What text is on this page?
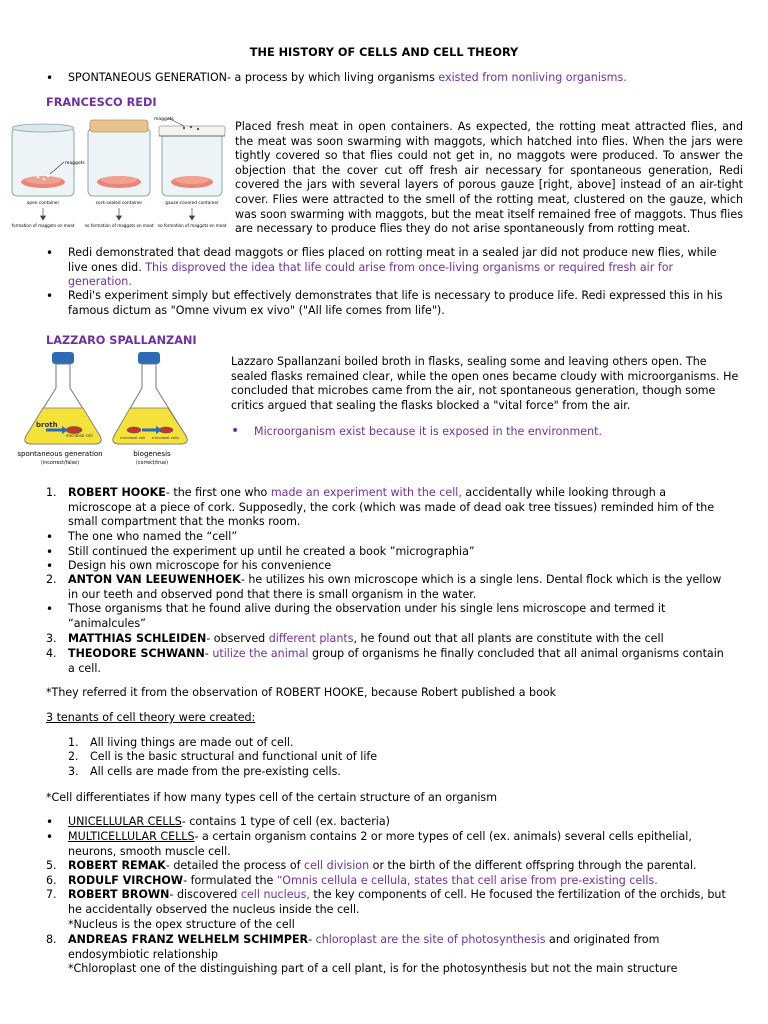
THE HISTORY OF CELLS AND CELL THEORY
• SPONTANEOUS GENERATION- a process by which living organisms existed from nonliving organisms.
FRANCESCO REDI
maggots
maggots
open container	cork-sealed container	gauze-covered container
formation of maggots on meat no formation of maggots on meat no formation of maggots on meat
Placed fresh meat in open containers. As expected, the rotting meat attracted flies, and the meat was soon swarming with maggots, which hatched into flies. When the jars were tightly covered so that flies could not get in, no maggots were produced. To answer the objection that the cover cut off fresh air necessary for spontaneous generation, Redi covered the jars with several layers of porous gauze [right, above] instead of an air-tight cover. Flies were attracted to the smell of the rotting meat, clustered on the gauze, which was soon swarming with maggots, but the meat itself remained free of maggots. Thus flies are necessary to produce flies they do not arise spontaneously from rotting meat.
• Redi demonstrated that dead maggots or flies placed on rotting meat in a sealed jar did not produce new flies, while live ones did. This disproved the idea that life could arise from once-living organisms or required fresh air for generation.
• Redi's experiment simply but effectively demonstrates that life is necessary to produce life. Redi expressed this in his famous dictum as "Omne vivum ex vivo" ("All life comes from life").
LAZZARO SPALLANZANI
broth
microbial cell	microbial cell microbial cells
spontaneous generation
(incorrect/false)
biogenesis
(correct/true)
Lazzaro Spallanzani boiled broth in flasks, sealing some and leaving others open. The sealed flasks remained clear, while the open ones became cloudy with microorganisms. He concluded that microbes came from the air, not spontaneous generation, though some critics argued that sealing the flasks blocked a "vital force" from the air.
• Microorganism exist because it is exposed in the environment.
1. ROBERT HOOKE- the first one who made an experiment with the cell, accidentally while looking through a microscope at a piece of cork. Supposedly, the cork (which was made of dead oak tree tissues) reminded him of the small compartment that the monks room.
• The one who named the “cell”
• Still continued the experiment up until he created a book ”micrographia”
• Design his own microscope for his convenience
2. ANTON VAN LEEUWENHOEK- he utilizes his own microscope which is a single lens. Dental flock which is the yellow in our teeth and observed pond that there is small organism in the water.
• Those organisms that he found alive during the observation under his single lens microscope and termed it “animalcules”
3. MATTHIAS SCHLEIDEN- observed different plants, he found out that all plants are constitute with the cell
4. THEODORE SCHWANN- utilize the animal group of organisms he finally concluded that all animal organisms contain a cell.
*They referred it from the observation of ROBERT HOOKE, because Robert published a book
3 tenants of cell theory were created:
1. All living things are made out of cell.
2. Cell is the basic structural and functional unit of life
3. All cells are made from the pre-existing cells.
*Cell differentiates if how many types cell of the certain structure of an organism
• UNICELLULAR CELLS- contains 1 type of cell (ex. bacteria)
• MULTICELLULAR CELLS- a certain organism contains 2 or more types of cell (ex. animals) several cells epithelial, neurons, smooth muscle cell.
5. ROBERT REMAK- detailed the process of cell division or the birth of the different offspring through the parental.
6. RODULF VIRCHOW- formulated the “Omnis cellula e cellula, states that cell arise from pre-existing cells.
7. ROBERT BROWN- discovered cell nucleus, the key components of cell. He focused the fertilization of the orchids, but he accidentally observed the nucleus inside the cell.
*Nucleus is the opex structure of the cell
8. ANDREAS FRANZ WELHELM SCHIMPER- chloroplast are the site of photosynthesis and originated from endosymbiotic relationship
*Chloroplast one of the distinguishing part of a cell plant, is for the photosynthesis but not the main structure
